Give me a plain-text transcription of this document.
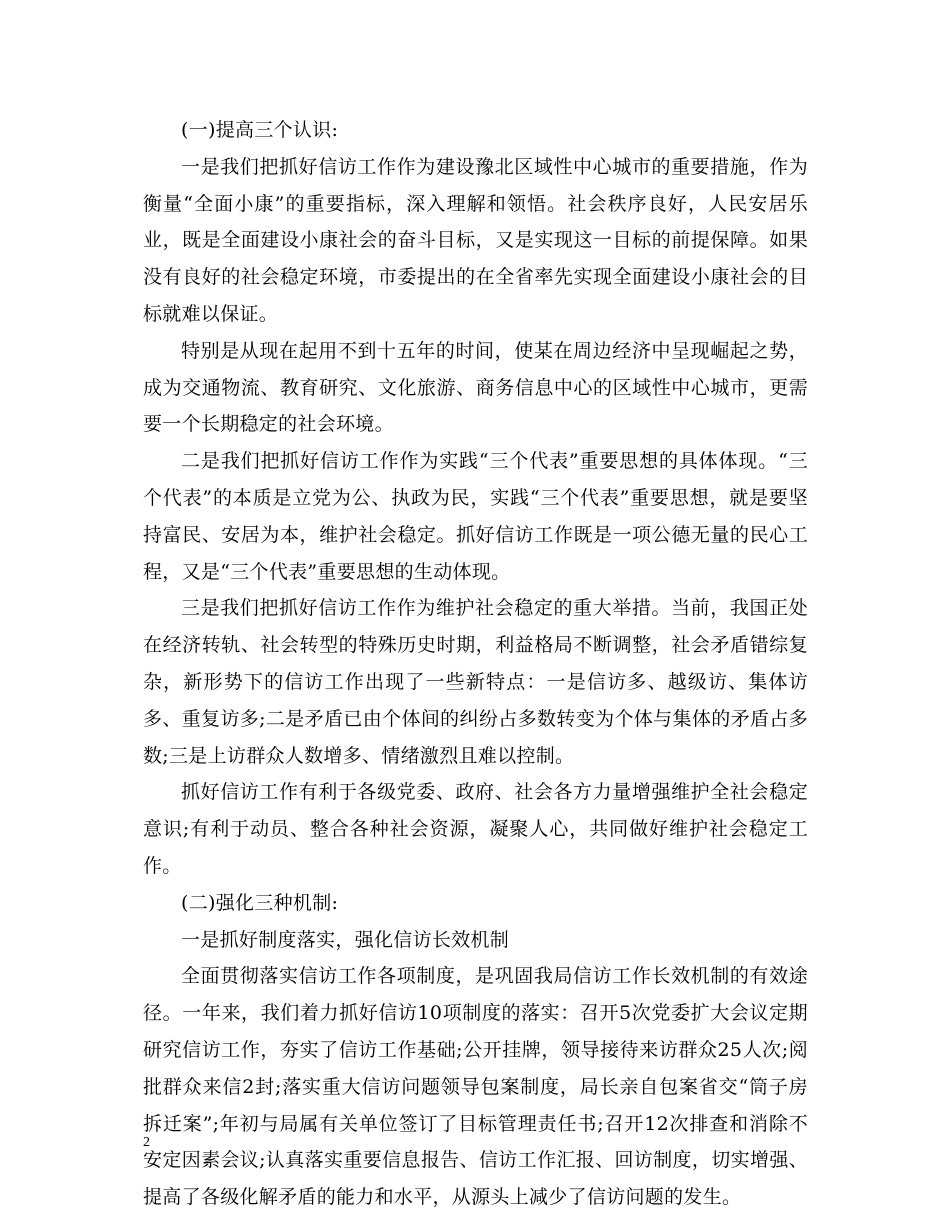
(一)提高三个认识:

一是我们把抓好信访工作作为建设豫北区域性中心城市的重要措施，作为衡量“全面小康”的重要指标，深入理解和领悟。社会秩序良好，人民安居乐业，既是全面建设小康社会的奋斗目标，又是实现这一目标的前提保障。如果没有良好的社会稳定环境，市委提出的在全省率先实现全面建设小康社会的目标就难以保证。

特别是从现在起用不到十五年的时间，使某在周边经济中呈现崛起之势，成为交通物流、教育研究、文化旅游、商务信息中心的区域性中心城市，更需要一个长期稳定的社会环境。

二是我们把抓好信访工作作为实践“三个代表”重要思想的具体体现。“三个代表”的本质是立党为公、执政为民，实践“三个代表”重要思想，就是要坚持富民、安居为本，维护社会稳定。抓好信访工作既是一项公德无量的民心工程，又是“三个代表”重要思想的生动体现。

三是我们把抓好信访工作作为维护社会稳定的重大举措。当前，我国正处在经济转轨、社会转型的特殊历史时期，利益格局不断调整，社会矛盾错综复杂，新形势下的信访工作出现了一些新特点：一是信访多、越级访、集体访多、重复访多;二是矛盾已由个体间的纠纷占多数转变为个体与集体的矛盾占多数;三是上访群众人数增多、情绪激烈且难以控制。

抓好信访工作有利于各级党委、政府、社会各方力量增强维护全社会稳定意识;有利于动员、整合各种社会资源，凝聚人心，共同做好维护社会稳定工作。

(二)强化三种机制:

一是抓好制度落实，强化信访长效机制

全面贯彻落实信访工作各项制度，是巩固我局信访工作长效机制的有效途径。一年来，我们着力抓好信访10项制度的落实：召开5次党委扩大会议定期研究信访工作，夯实了信访工作基础;公开挂牌，领导接待来访群众25人次;阅批群众来信2封;落实重大信访问题领导包案制度，局长亲自包案省交“筒子房拆迁案”;年初与局属有关单位签订了目标管理责任书;召开12次排查和消除不安定因素会议;认真落实重要信息报告、信访工作汇报、回访制度，切实增强、提高了各级化解矛盾的能力和水平，从源头上减少了信访问题的发生。

2
